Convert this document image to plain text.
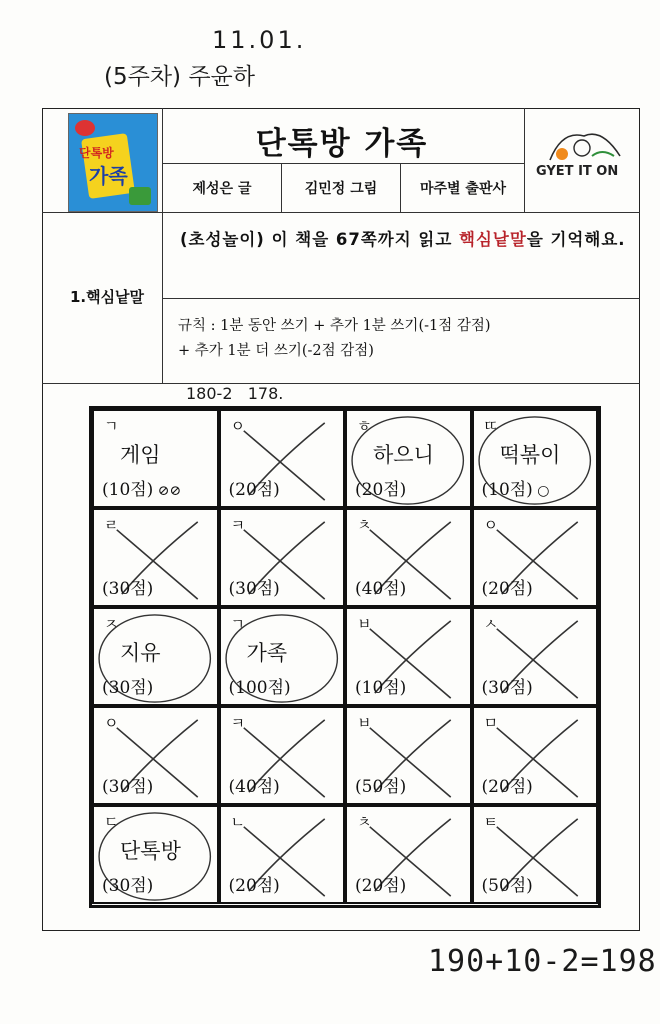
11.01.
(5주차) 주윤하
단톡방
가족
단톡방 가족
제성은 글	김민정 그림	마주별 출판사
GYET IT ON
1.핵심낱말
(초성놀이) 이 책을 67쪽까지 읽고 핵심낱말을 기억해요.
규칙 : 1분 동안 쓰기 + 추가 1분 쓰기(-1점 감점)
+ 추가 1분 더 쓰기(-2점 감점)
180-2   178.
ㄱ
게임
(10점) ⊘⊘
ㅇ
(20점)
ㅎ
하으니
(20점)
ㄸ
떡볶이
(10점) ○
ㄹ
(30점)
ㅋ
(30점)
ㅊ
(40점)
ㅇ
(20점)
ㅈ
지유
(30점)
ㄱ
가족
(100점)
ㅂ
(10점)
ㅅ
(30점)
ㅇ
(30점)
ㅋ
(40점)
ㅂ
(50점)
ㅁ
(20점)
ㄷ
단톡방
(30점)
ㄴ
(20점)
ㅊ
(20점)
ㅌ
(50점)
190+10-2=198
